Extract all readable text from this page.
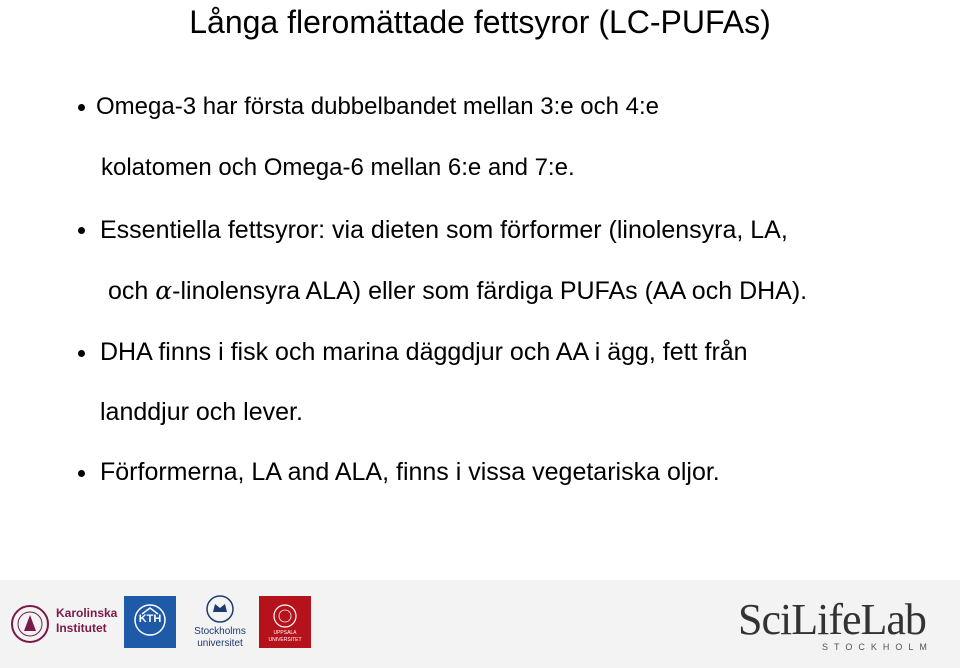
Långa fleromättade fettsyror (LC-PUFAs)
Omega-3 har första dubbelbandet mellan 3:e och 4:e
kolatomen och Omega-6 mellan 6:e and 7:e.
Essentiella fettsyror: via dieten som förformer (linolensyra, LA,
och α-linolensyra ALA) eller som färdiga PUFAs (AA och DHA).
DHA finns i fisk och marina däggdjur och AA i ägg, fett från
landdjur och lever.
Förformerna, LA and ALA, finns i vissa vegetariska oljor.
Karolinska
Institutet
KTH
Stockholms
universitet
UPPSALA
UNIVERSITET	SciLifeLab
STOCKHOLM
